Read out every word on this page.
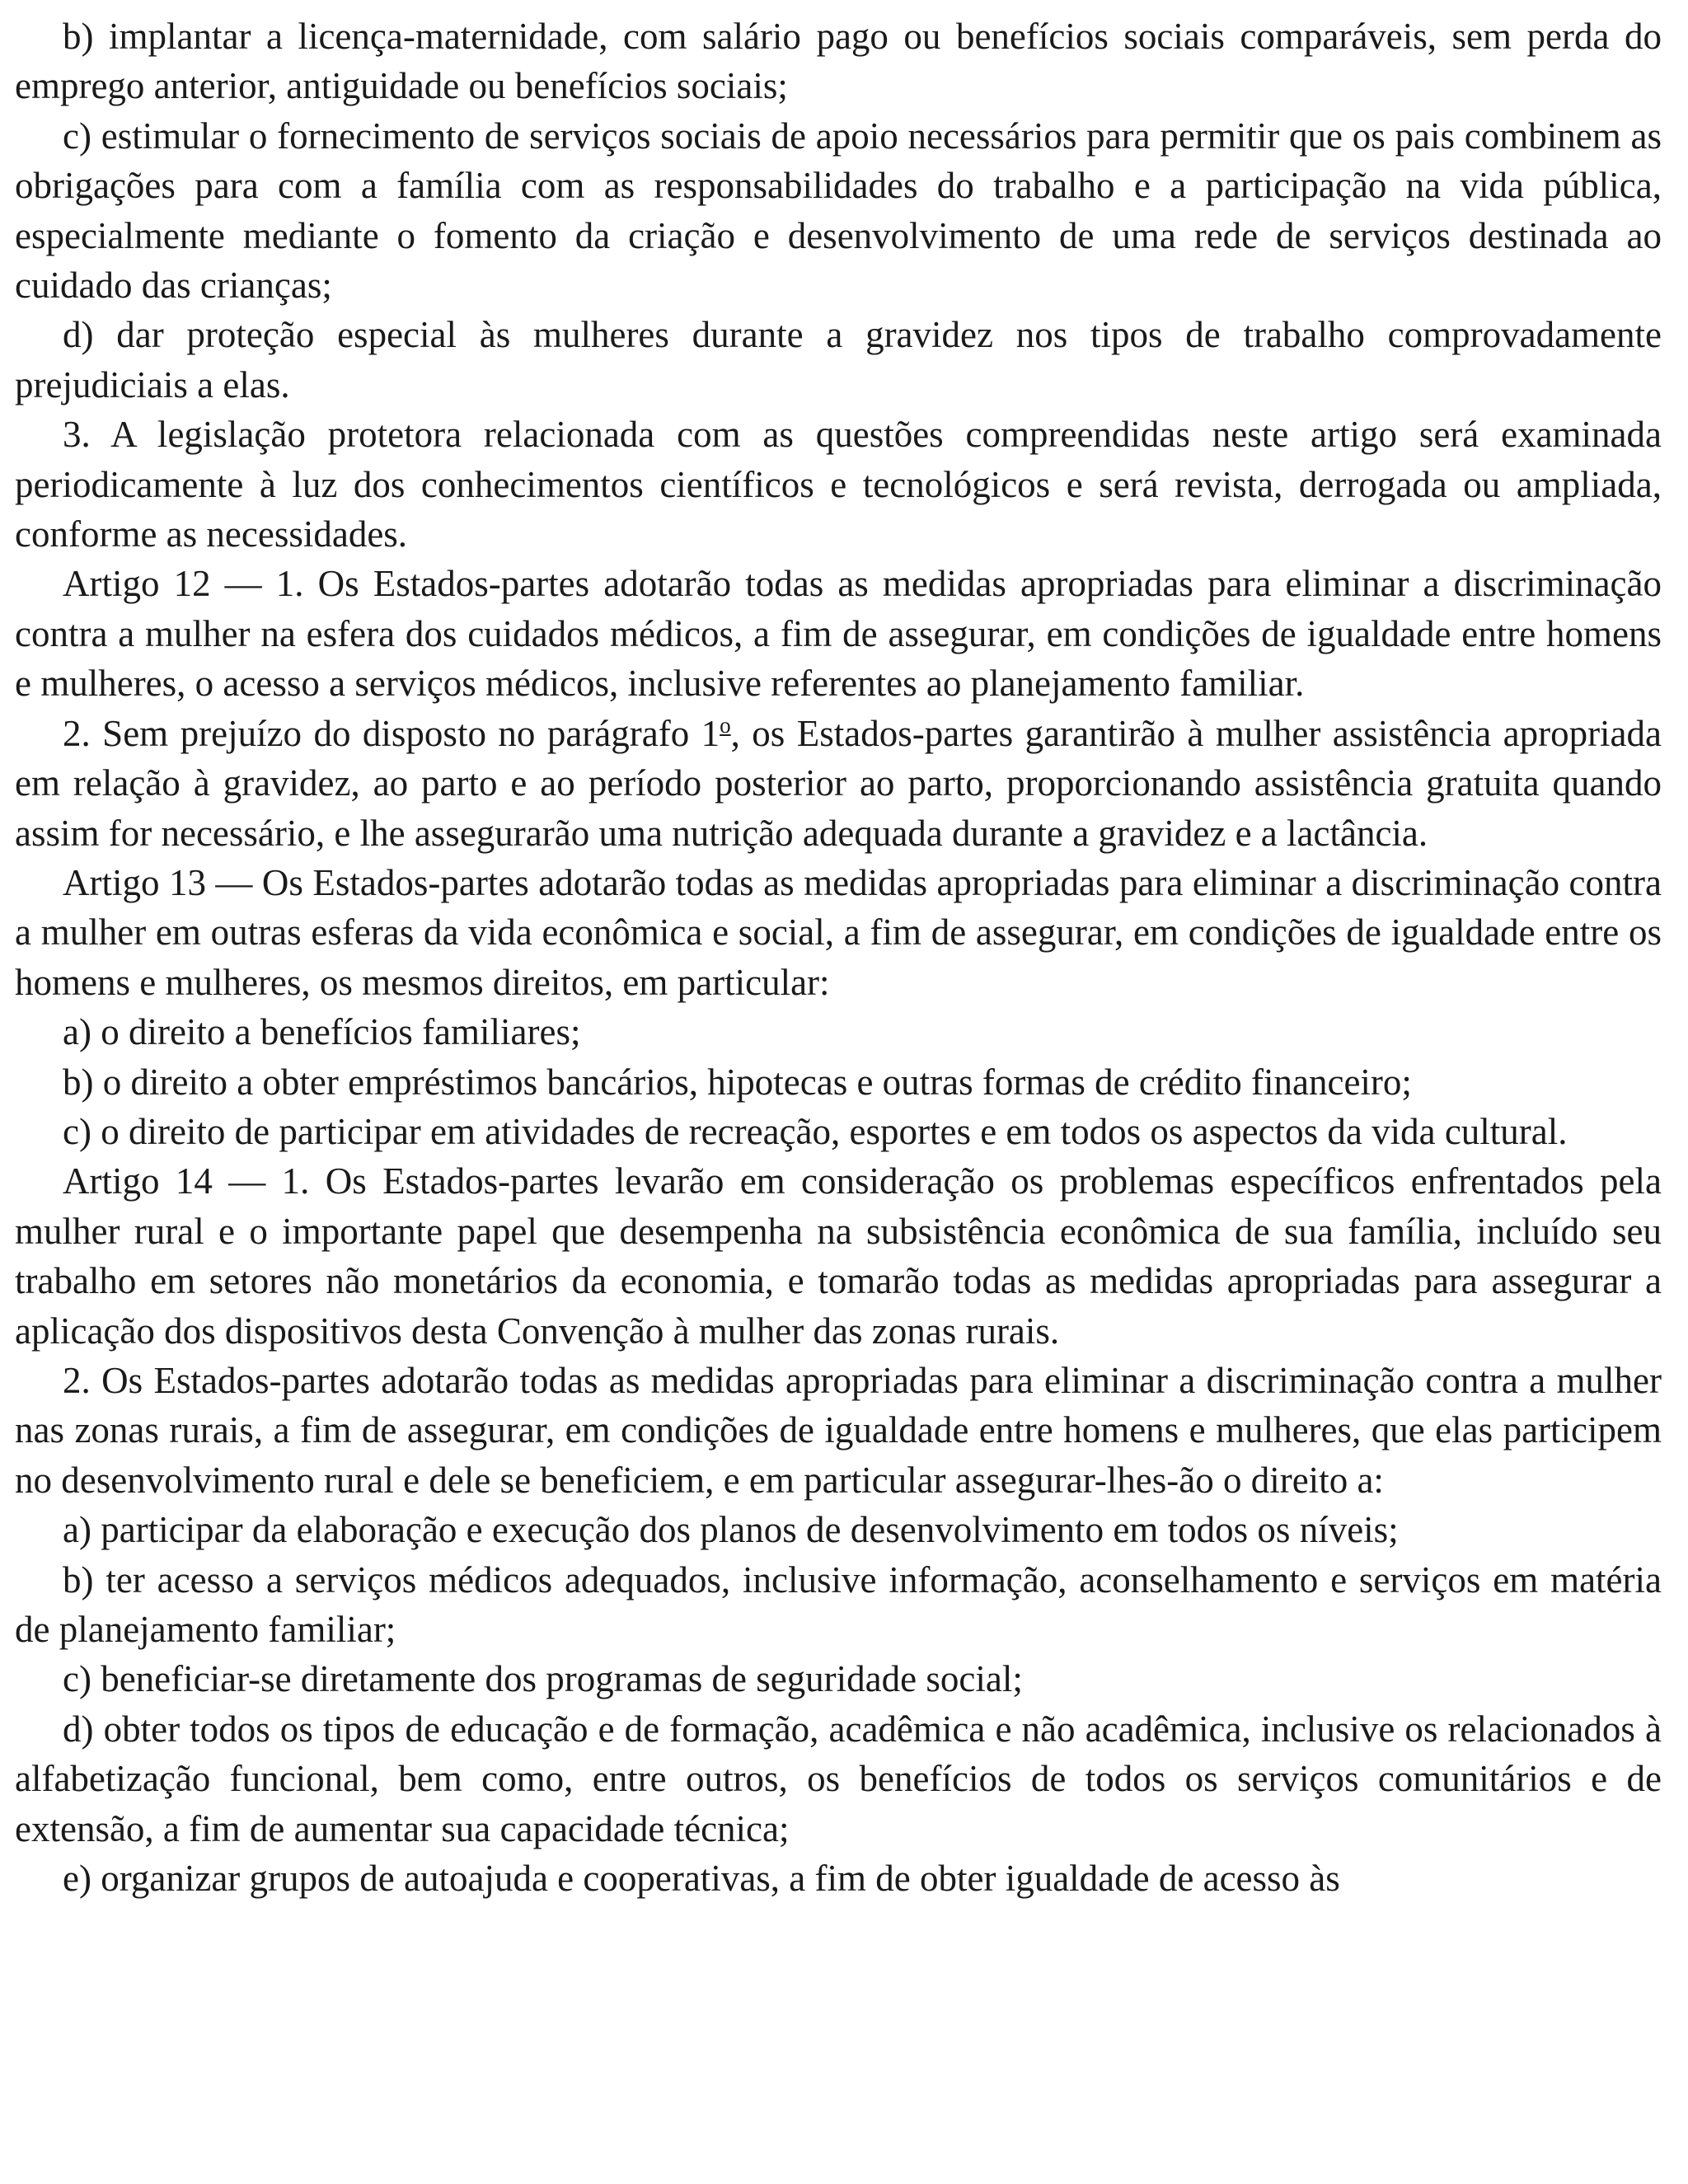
b) implantar a licença-maternidade, com salário pago ou benefícios sociais comparáveis, sem perda do emprego anterior, antiguidade ou benefícios sociais;

c) estimular o fornecimento de serviços sociais de apoio necessários para permitir que os pais combinem as obrigações para com a família com as responsabilidades do trabalho e a participação na vida pública, especialmente mediante o fomento da criação e desenvolvimento de uma rede de serviços destinada ao cuidado das crianças;

d) dar proteção especial às mulheres durante a gravidez nos tipos de trabalho comprovadamente prejudiciais a elas.

3. A legislação protetora relacionada com as questões compreendidas neste artigo será examinada periodicamente à luz dos conhecimentos científicos e tecnológicos e será revista, derrogada ou ampliada, conforme as necessidades.

Artigo 12 — 1. Os Estados-partes adotarão todas as medidas apropriadas para eliminar a discriminação contra a mulher na esfera dos cuidados médicos, a fim de assegurar, em condições de igualdade entre homens e mulheres, o acesso a serviços médicos, inclusive referentes ao planejamento familiar.

2. Sem prejuízo do disposto no parágrafo 1$^o$, os Estados-partes garantirão à mulher assistência apropriada em relação à gravidez, ao parto e ao período posterior ao parto, proporcionando assistência gratuita quando assim for necessário, e lhe assegurarão uma nutrição adequada durante a gravidez e a lactância.

Artigo 13 — Os Estados-partes adotarão todas as medidas apropriadas para eliminar a discriminação contra a mulher em outras esferas da vida econômica e social, a fim de assegurar, em condições de igualdade entre os homens e mulheres, os mesmos direitos, em particular:

a) o direito a benefícios familiares;

b) o direito a obter empréstimos bancários, hipotecas e outras formas de crédito financeiro;

c) o direito de participar em atividades de recreação, esportes e em todos os aspectos da vida cultural.

Artigo 14 — 1. Os Estados-partes levarão em consideração os problemas específicos enfrentados pela mulher rural e o importante papel que desempenha na subsistência econômica de sua família, incluído seu trabalho em setores não monetários da economia, e tomarão todas as medidas apropriadas para assegurar a aplicação dos dispositivos desta Convenção à mulher das zonas rurais.

2. Os Estados-partes adotarão todas as medidas apropriadas para eliminar a discriminação contra a mulher nas zonas rurais, a fim de assegurar, em condições de igualdade entre homens e mulheres, que elas participem no desenvolvimento rural e dele se beneficiem, e em particular assegurar-lhes-ão o direito a:

a) participar da elaboração e execução dos planos de desenvolvimento em todos os níveis;

b) ter acesso a serviços médicos adequados, inclusive informação, aconselhamento e serviços em matéria de planejamento familiar;

c) beneficiar-se diretamente dos programas de seguridade social;

d) obter todos os tipos de educação e de formação, acadêmica e não acadêmica, inclusive os relacionados à alfabetização funcional, bem como, entre outros, os benefícios de todos os serviços comunitários e de extensão, a fim de aumentar sua capacidade técnica;

e) organizar grupos de autoajuda e cooperativas, a fim de obter igualdade de acesso às
